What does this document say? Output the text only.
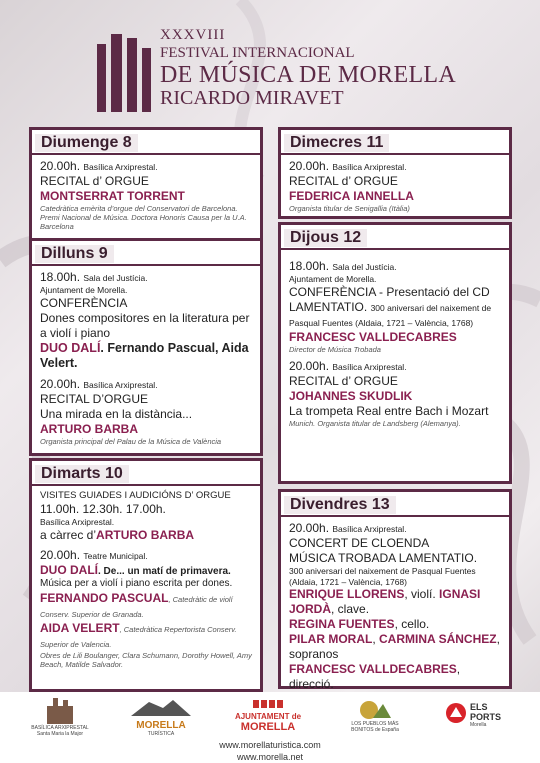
XXXVIII
FESTIVAL INTERNACIONAL
DE MÚSICA DE MORELLA
RICARDO MIRAVET
Diumenge 8
20.00h. Basílica Arxiprestal.
RECITAL d’ ORGUE
MONTSERRAT TORRENT
Catedràtica emèrita d’orgue del Conservatori de Barcelona. Premi Nacional de Música. Doctora Honoris Causa per la U.A. Barcelona
Dilluns 9
18.00h. Sala del Justícia.
Ajuntament de Morella.
CONFERÈNCIA
Dones compositores en la literatura per a violí i piano
DUO DALÍ. Fernando Pascual, Aida Velert.
20.00h. Basílica Arxiprestal.
RECITAL D’ORGUE
Una mirada en la distància...
ARTURO BARBA
Organista principal del Palau de la Música de València
Dimarts 10
VISITES GUIADES I AUDICIÓNS D’ ORGUE
11.00h. 12.30h. 17.00h.
Basílica Arxiprestal.
a càrrec d’ARTURO BARBA
20.00h. Teatre Municipal.
DUO DALÍ. De... un matí de primavera.
Música per a violí i piano escrita per dones.
FERNANDO PASCUAL, Catedràtic de violí Conserv. Superior de Granada.
AIDA VELERT, Catedràtica Repertorista Conserv. Superior de Valencia.
Obres de Lili Boulanger, Clara Schumann, Dorothy Howell, Amy Beach, Matilde Salvador.
Dimecres 11
20.00h. Basílica Arxiprestal.
RECITAL d’ ORGUE
FEDERICA IANNELLA
Organista titular de Senigallia (Itàlia)
Dijous 12
18.00h. Sala del Justícia.
Ajuntament de Morella.
CONFERÈNCIA - Presentació del CD
LAMENTATIO. 300 aniversari del naixement de Pasqual Fuentes (Aldaia, 1721 – València, 1768)
FRANCESC VALLDECABRES
Director de Música Trobada
20.00h. Basílica Arxiprestal.
RECITAL d’ ORGUE
JOHANNES SKUDLIK
La trompeta Real entre Bach i Mozart
Munich. Organista titular de Landsberg (Alemanya).
Divendres 13
20.00h. Basílica Arxiprestal.
CONCERT DE CLOENDA
MÚSICA TROBADA LAMENTATIO.
300 aniversari del naixement de Pasqual Fuentes (Aldaia, 1721 – València, 1768)
ENRIQUE LLORENS, violí. IGNASI JORDÀ, clave.
REGINA FUENTES, cello.
PILAR MORAL, CARMINA SÁNCHEZ, sopranos
FRANCESC VALLDECABRES, direcció.
BASÍLICA ARXIPRESTAL Santa Maria la Major
MORELLA
TURÍSTICA
AJUNTAMENT de
MORELLA	LOS PUEBLOS MÁS BONITOS de España
ELS PORTS
Morella
www.morellaturistica.com
www.morella.net
